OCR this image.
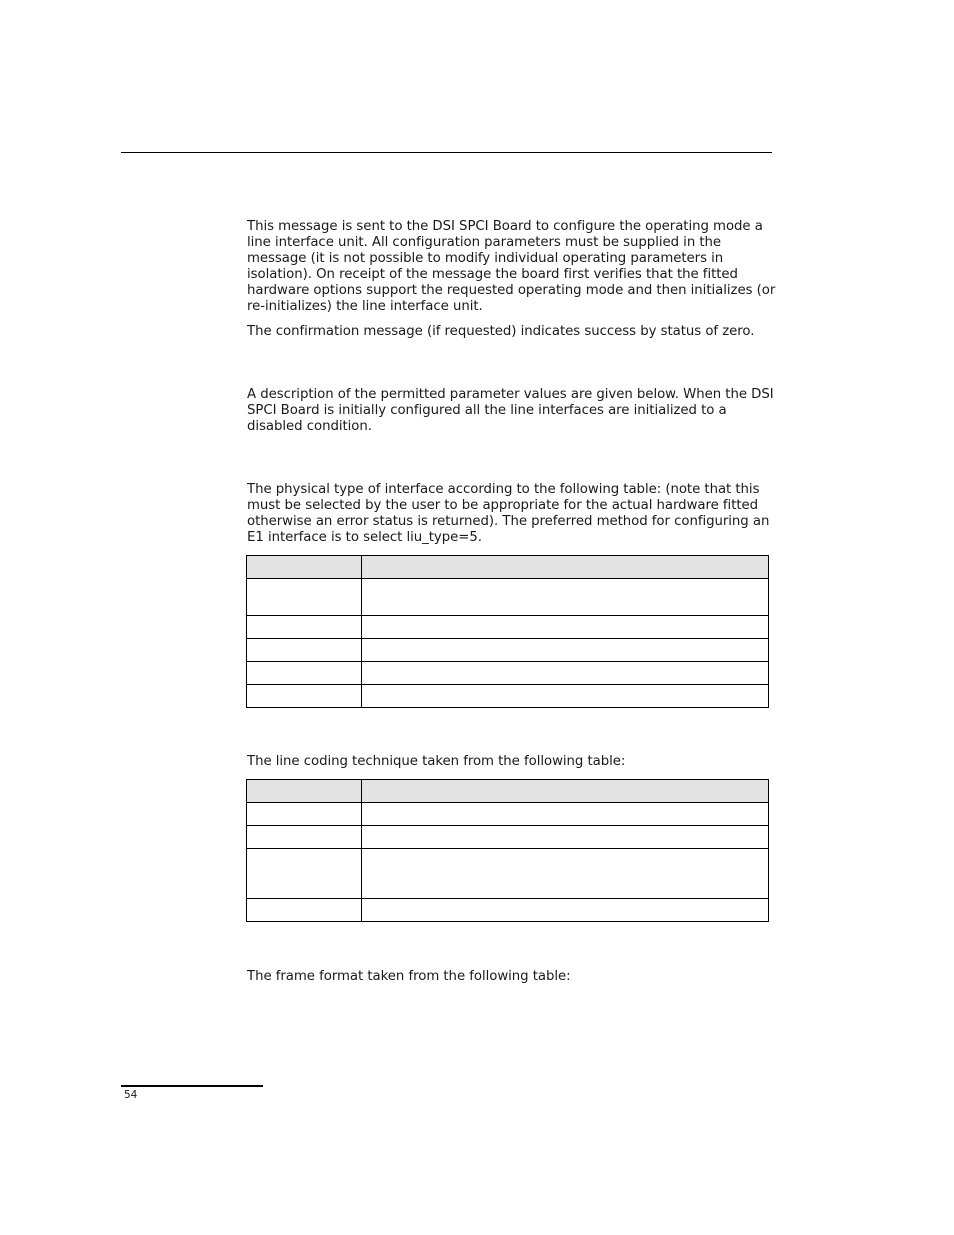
This message is sent to the DSI SPCI Board to configure the operating mode a line interface unit. All configuration parameters must be supplied in the message (it is not possible to modify individual operating parameters in isolation). On receipt of the message the board first verifies that the fitted hardware options support the requested operating mode and then initializes (or re-initializes) the line interface unit.

The confirmation message (if requested) indicates success by status of zero.

A description of the permitted parameter values are given below. When the DSI SPCI Board is initially configured all the line interfaces are initialized to a disabled condition.

The physical type of interface according to the following table: (note that this must be selected by the user to be appropriate for the actual hardware fitted otherwise an error status is returned). The preferred method for configuring an E1 interface is to select liu_type=5.

The line coding technique taken from the following table:

The frame format taken from the following table:

54
